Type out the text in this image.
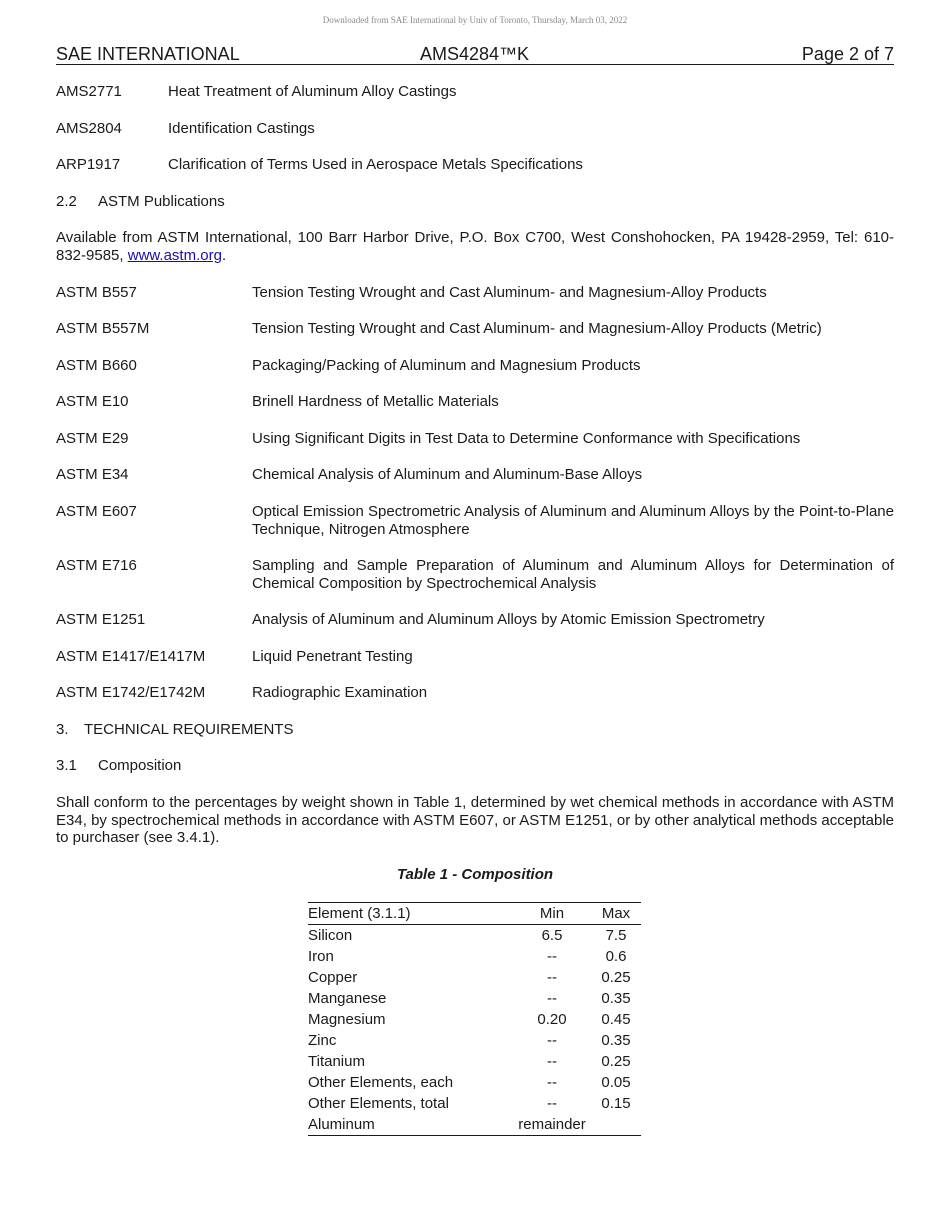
Downloaded from SAE International by Univ of Toronto, Thursday, March 03, 2022
SAE INTERNATIONAL	AMS4284™K	Page 2 of 7
AMS2771	Heat Treatment of Aluminum Alloy Castings
AMS2804	Identification Castings
ARP1917	Clarification of Terms Used in Aerospace Metals Specifications
2.2 ASTM Publications
Available from ASTM International, 100 Barr Harbor Drive, P.O. Box C700, West Conshohocken, PA 19428-2959, Tel: 610-832-9585, www.astm.org.
ASTM B557	Tension Testing Wrought and Cast Aluminum- and Magnesium-Alloy Products
ASTM B557M	Tension Testing Wrought and Cast Aluminum- and Magnesium-Alloy Products (Metric)
ASTM B660	Packaging/Packing of Aluminum and Magnesium Products
ASTM E10	Brinell Hardness of Metallic Materials
ASTM E29	Using Significant Digits in Test Data to Determine Conformance with Specifications
ASTM E34	Chemical Analysis of Aluminum and Aluminum-Base Alloys
ASTM E607	Optical Emission Spectrometric Analysis of Aluminum and Aluminum Alloys by the Point-to-Plane Technique, Nitrogen Atmosphere
ASTM E716	Sampling and Sample Preparation of Aluminum and Aluminum Alloys for Determination of Chemical Composition by Spectrochemical Analysis
ASTM E1251	Analysis of Aluminum and Aluminum Alloys by Atomic Emission Spectrometry
ASTM E1417/E1417M	Liquid Penetrant Testing
ASTM E1742/E1742M	Radiographic Examination
3. TECHNICAL REQUIREMENTS
3.1 Composition
Shall conform to the percentages by weight shown in Table 1, determined by wet chemical methods in accordance with ASTM E34, by spectrochemical methods in accordance with ASTM E607, or ASTM E1251, or by other analytical methods acceptable to purchaser (see 3.4.1).
Table 1 - Composition
Element (3.1.1)	Min	Max
Silicon	6.5	7.5
Iron	--	0.6
Copper	--	0.25
Manganese	--	0.35
Magnesium	0.20	0.45
Zinc	--	0.35
Titanium	--	0.25
Other Elements, each	--	0.05
Other Elements, total	--	0.15
Aluminum	remainder	
